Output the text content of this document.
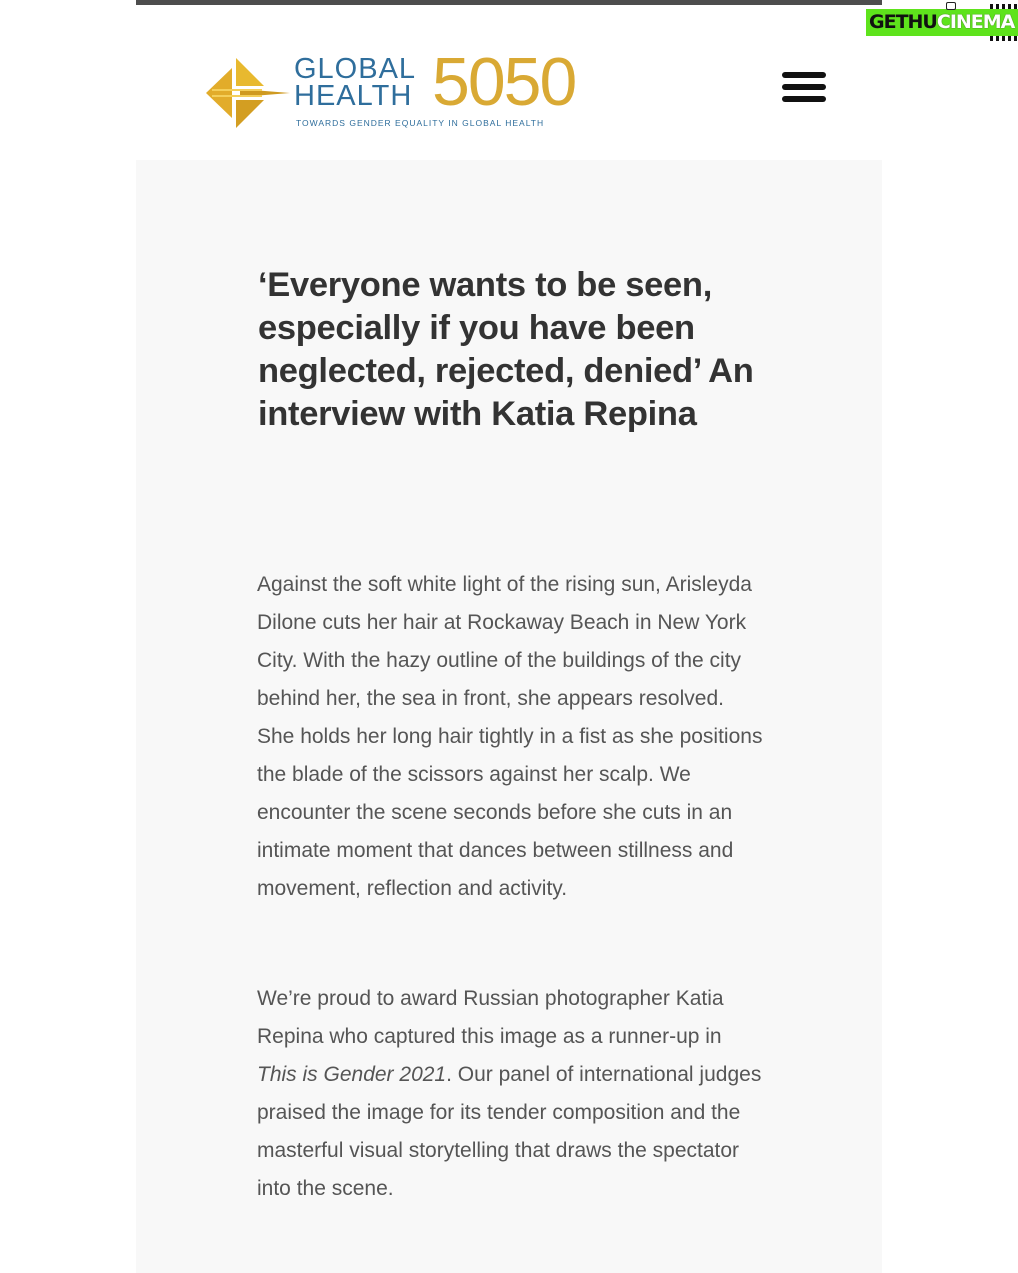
GETHUCINEMA
GLOBAL
HEALTH 5050
TOWARDS GENDER EQUALITY IN GLOBAL HEALTH
‘Everyone wants to be seen, especially if you have been neglected, rejected, denied’ An interview with Katia Repina

Against the soft white light of the rising sun, Arisleyda Dilone cuts her hair at Rockaway Beach in New York City. With the hazy outline of the buildings of the city behind her, the sea in front, she appears resolved. She holds her long hair tightly in a fist as she positions the blade of the scissors against her scalp. We encounter the scene seconds before she cuts in an intimate moment that dances between stillness and movement, reflection and activity.

We’re proud to award Russian photographer Katia Repina who captured this image as a runner-up in This is Gender 2021. Our panel of international judges praised the image for its tender composition and the masterful visual storytelling that draws the spectator into the scene.
